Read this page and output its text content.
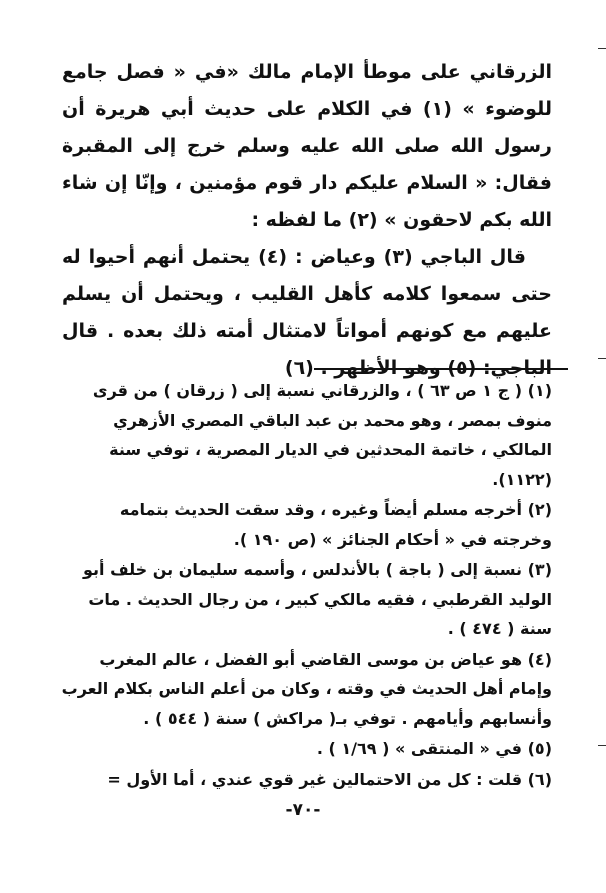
الزرقاني على موطأ الإمام مالك «في « فصل جامع للوضوء » (١) في الكلام على حديث أبي هريرة أن رسول الله صلى الله عليه وسلم خرج إلى المقبرة فقال: « السلام عليكم دار قوم مؤمنين ، وإنّا إن شاء الله بكم لاحقون » (٢) ما لفظه :

قال الباجي (٣) وعياض : (٤) يحتمل أنهم أحيوا له حتى سمعوا كلامه كأهل القليب ، ويحتمل أن يسلم عليهم مع كونهم أمواتاً لامتثال أمته ذلك بعده . قال الباجي: (٥) وهو الأظهر . (٦)

(١) ( ج ١ ص ٦٣ ) ، والزرقاني نسبة إلى ( زرقان ) من قرى منوف بمصر ، وهو محمد بن عبد الباقي المصري الأزهري المالكي ، خاتمة المحدثين في الديار المصرية ، توفي سنة (١١٢٢).

(٢) أخرجه مسلم أيضاً وغيره ، وقد سقت الحديث بتمامه وخرجته في « أحكام الجنائز » (ص ١٩٠ ).

(٣) نسبة إلى ( باجة ) بالأندلس ، وأسمه سليمان بن خلف أبو الوليد القرطبي ، فقيه مالكي كبير ، من رجال الحديث . مات سنة ( ٤٧٤ ) .

(٤) هو عياض بن موسى القاضي أبو الفضل ، عالم المغرب وإمام أهل الحديث في وقته ، وكان من أعلم الناس بكلام العرب وأنسابهم وأيامهم . توفي بـ( مراكش ) سنة ( ٥٤٤ ) .

(٥) في « المنتقى » ( ١/٦٩ ) .

(٦) قلت : كل من الاحتمالين غير قوي عندي ، أما الأول =

-٧٠-
